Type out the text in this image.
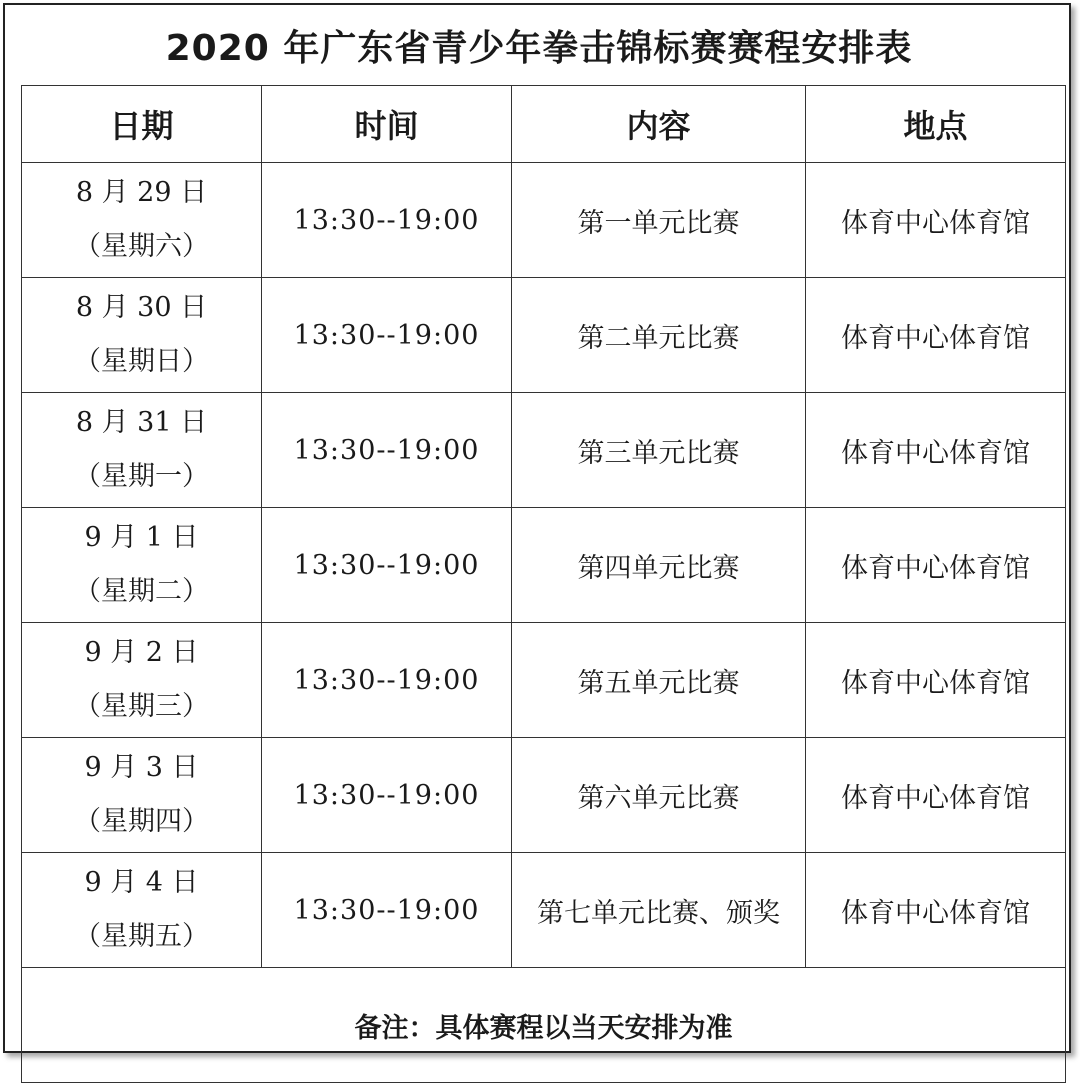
2020 年广东省青少年拳击锦标赛赛程安排表
日期	时间	内容	地点

8 月 29 日
（星期六）	13:30--19:00	第一单元比赛	体育中心体育馆

8 月 30 日
（星期日）	13:30--19:00	第二单元比赛	体育中心体育馆

8 月 31 日
（星期一）	13:30--19:00	第三单元比赛	体育中心体育馆

9 月 1 日
（星期二）	13:30--19:00	第四单元比赛	体育中心体育馆

9 月 2 日
（星期三）	13:30--19:00	第五单元比赛	体育中心体育馆

9 月 3 日
（星期四）	13:30--19:00	第六单元比赛	体育中心体育馆

9 月 4 日
（星期五）	13:30--19:00	第七单元比赛、颁奖	体育中心体育馆
备注：具体赛程以当天安排为准			
